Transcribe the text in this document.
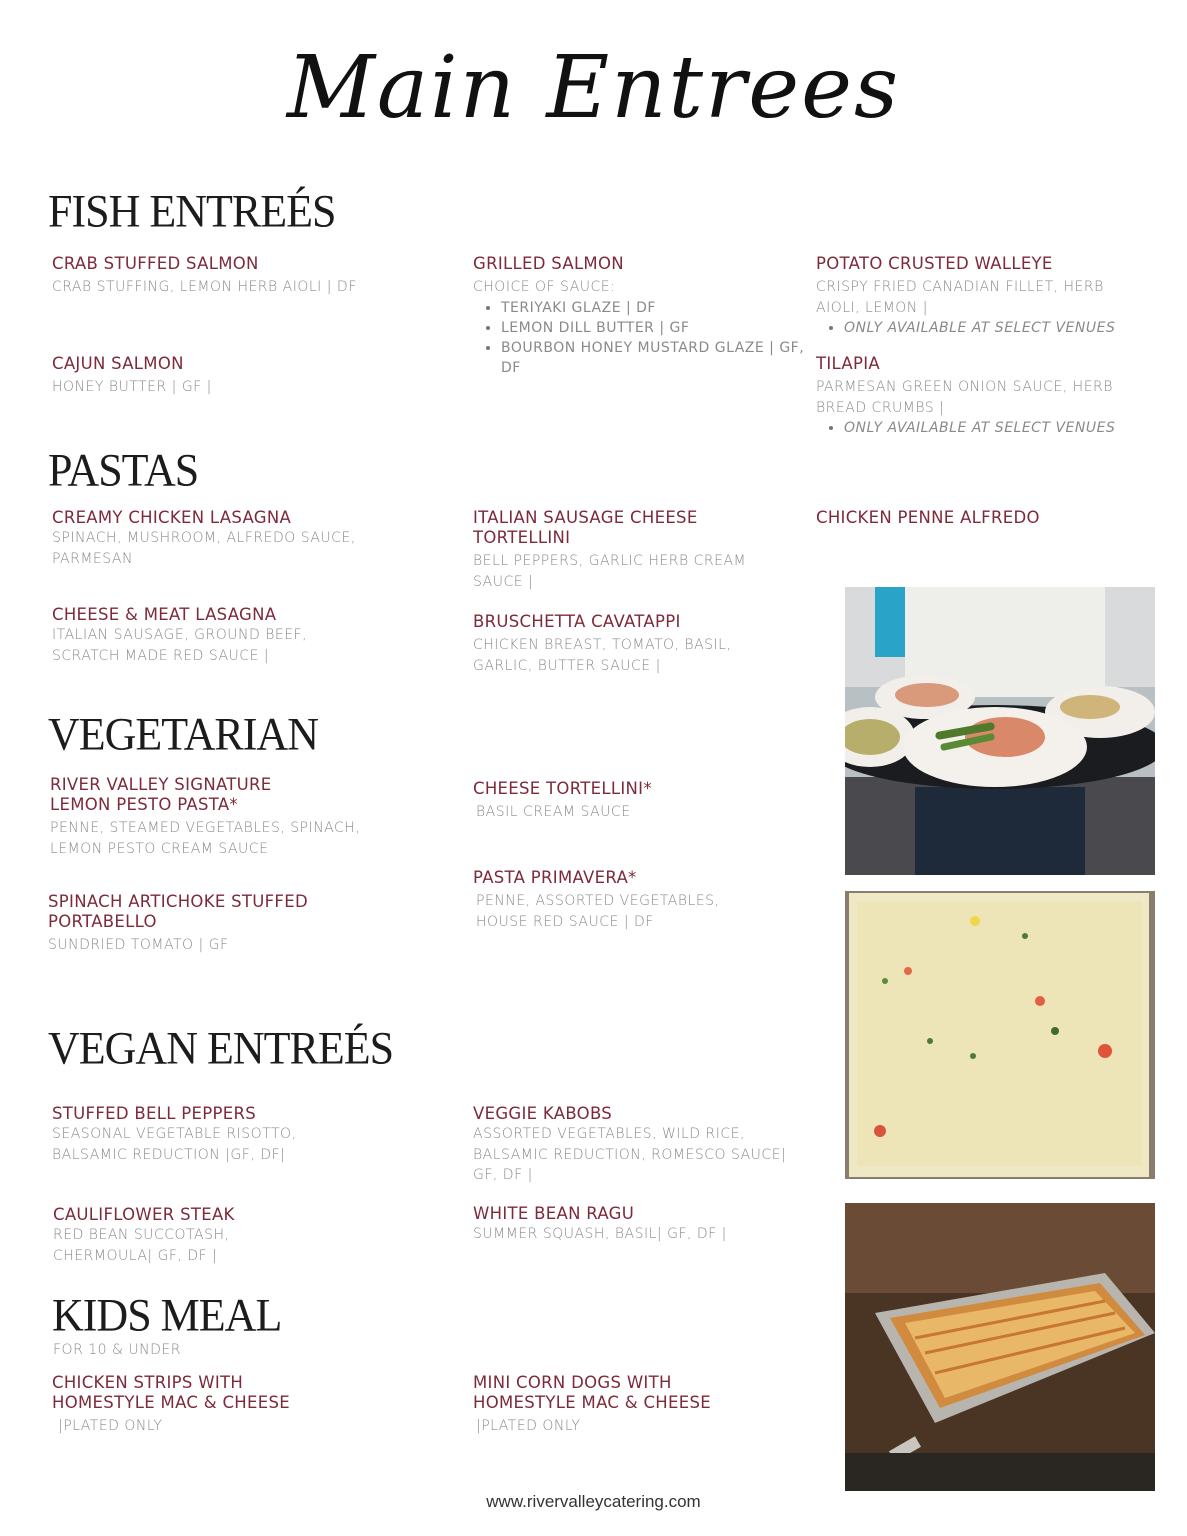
Main Entrees
FISH ENTREÉS
CRAB STUFFED SALMON
CRAB STUFFING, LEMON HERB AIOLI | DF
CAJUN SALMON
HONEY BUTTER | GF |
GRILLED SALMON
CHOICE OF SAUCE:
• TERIYAKI GLAZE | DF
• LEMON DILL BUTTER | GF
• BOURBON HONEY MUSTARD GLAZE | GF, DF
POTATO CRUSTED WALLEYE
CRISPY FRIED CANADIAN FILLET, HERB AIOLI, LEMON |
• ONLY AVAILABLE AT SELECT VENUES
TILAPIA
PARMESAN GREEN ONION SAUCE, HERB BREAD CRUMBS |
• ONLY AVAILABLE AT SELECT VENUES
PASTAS
CREAMY CHICKEN LASAGNA
SPINACH, MUSHROOM, ALFREDO SAUCE, PARMESAN
CHEESE & MEAT LASAGNA
ITALIAN SAUSAGE, GROUND BEEF, SCRATCH MADE RED SAUCE |
ITALIAN SAUSAGE CHEESE TORTELLINI
BELL PEPPERS, GARLIC HERB CREAM SAUCE |
BRUSCHETTA CAVATAPPI
CHICKEN BREAST, TOMATO, BASIL, GARLIC, BUTTER SAUCE |
CHICKEN PENNE ALFREDO
VEGETARIAN
RIVER VALLEY SIGNATURE LEMON PESTO PASTA*
PENNE, STEAMED VEGETABLES, SPINACH, LEMON PESTO CREAM SAUCE
SPINACH ARTICHOKE STUFFED PORTABELLO
SUNDRIED TOMATO | GF
CHEESE TORTELLINI*
BASIL CREAM SAUCE
PASTA PRIMAVERA*
PENNE, ASSORTED VEGETABLES, HOUSE RED SAUCE | DF
VEGAN ENTREÉS
STUFFED BELL PEPPERS
SEASONAL VEGETABLE RISOTTO, BALSAMIC REDUCTION |GF, DF|
CAULIFLOWER STEAK
RED BEAN SUCCOTASH, CHERMOULA| GF, DF |
VEGGIE KABOBS
ASSORTED VEGETABLES, WILD RICE, BALSAMIC REDUCTION, ROMESCO SAUCE| GF, DF |
WHITE BEAN RAGU
SUMMER SQUASH, BASIL| GF, DF |
KIDS MEAL
FOR 10 & UNDER
CHICKEN STRIPS WITH HOMESTYLE MAC & CHEESE
|PLATED ONLY
MINI CORN DOGS WITH HOMESTYLE MAC & CHEESE
|PLATED ONLY
www.rivervalleycatering.com
